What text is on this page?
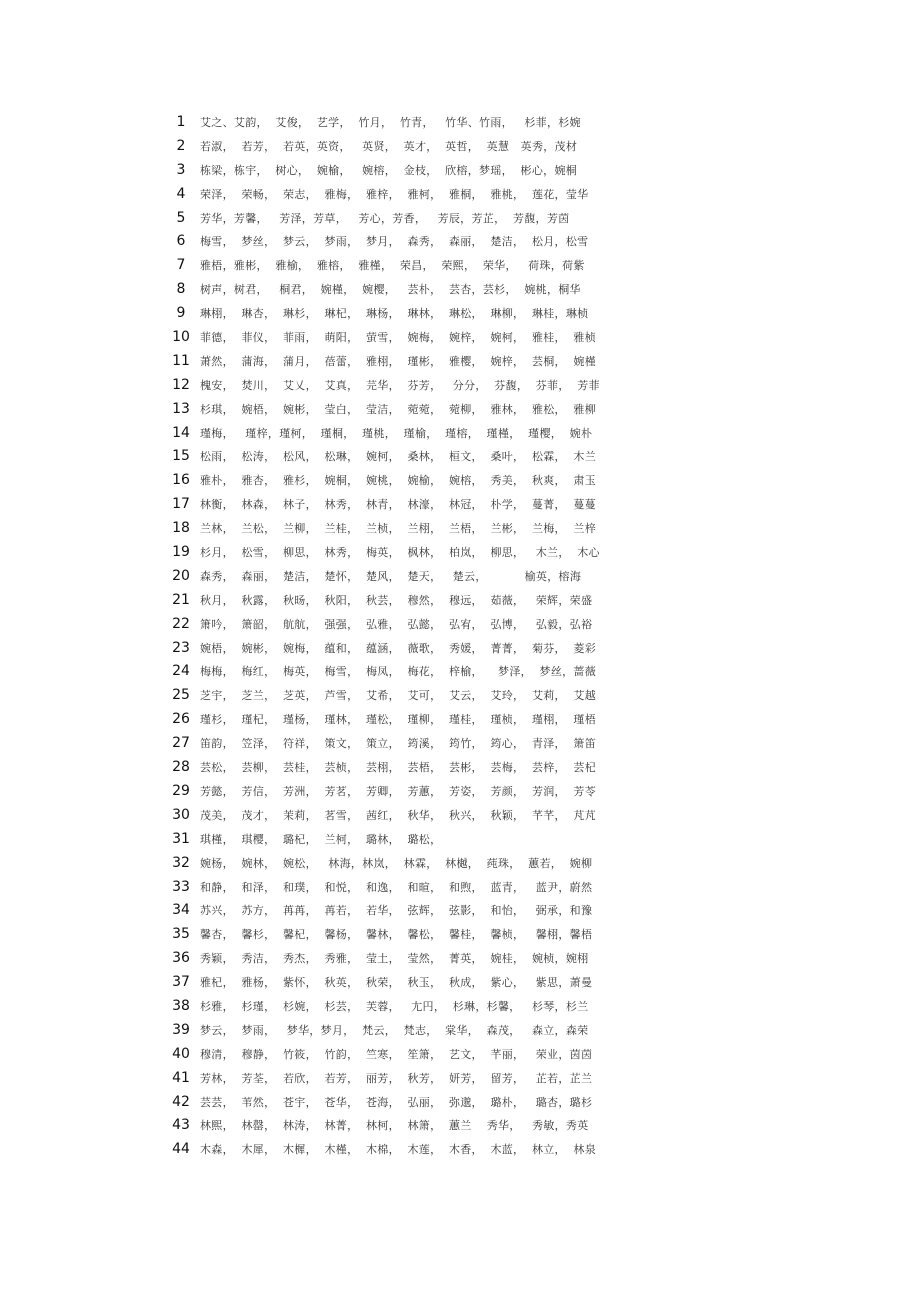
1	艾之、艾韵，  艾俊，  艺学，  竹月，  竹青，   竹华、竹雨，   杉菲，杉婉
2	若淑，  若芳，  若英，英资，   英贤，  英才，  英哲，  英慧   英秀，茂材
3	栋梁，栋宇，  树心，  婉榆，   婉榕，  金枝，  欣榕，梦瑶，  彬心，婉桐
4	荣泽，  荣畅，  荣志，  雅梅，  雅梓，  雅柯，  雅桐，  雅桃，  莲花，莹华
5	芳华，芳馨，   芳泽，芳草，   芳心，芳香，   芳辰，芳芷，  芳馥，芳茵
6	梅雪，  梦丝，  梦云，  梦雨，  梦月，  森秀，  森丽，  楚洁，  松月，松雪
7	雅梧，雅彬，  雅榆，  雅榕，  雅槿，  荣昌，  荣熙，  荣华，   荷珠，荷紫
8	树声，树君，   桐君，  婉槿，  婉樱，   芸朴，  芸杏，芸杉，  婉桃，桐华
9	琳栩，  琳杏，  琳杉，  琳杞，  琳杨，  琳林，  琳松，  琳柳，  琳桂，琳桢
10 菲德，  菲仪，  菲雨，  萌阳，  萤雪，  婉梅，  婉梓，  婉柯，  雅桂，  雅桢
11 萧然，  蒲海，  蒲月，  蓓蕾，  雅栩，  瑾彬，  雅樱，  婉梓，  芸桐，  婉槿
12 槐安，  焚川，  艾乂，  艾真，  芫华，  芬芳，   分分，  芬馥，  芬菲，  芳菲
13 杉琪，  婉梧，  婉彬，  莹白，  莹洁，  菀菀，  菀柳，  雅林，  雅松，  雅柳
14 瑾梅，   瑾梓，瑾柯，  瑾桐，  瑾桃，  瑾榆，  瑾榕，  瑾槿，  瑾樱，  婉朴
15 松雨，  松涛，  松风，  松琳，  婉柯，  桑林，  桓文，  桑叶，  松霖，  木兰
16 雅朴，  雅杏，  雅杉，  婉桐，  婉桃，  婉榆，  婉榕，  秀美，  秋爽，  肃玉
17 林衡，  林森，  林子，  林秀，  林青，  林濠，  林冠，  朴学，  蔓菁，  蔓蔓
18 兰林，  兰松，  兰柳，  兰桂，  兰桢，  兰栩，  兰梧，  兰彬，  兰梅，  兰梓
19 杉月，  松雪，  柳思，  林秀，  梅英，  枫林，  柏岚，  柳思，   木兰，  木心
20 森秀，  森丽，  楚洁，  楚怀，  楚风，  楚天，   楚云，          榆英，榕海
21 秋月，  秋露，  秋旸，  秋阳，  秋芸，  穆然，  穆远，  茹薇，   荣辉，荣盛
22 箫吟，  箫韶，  航航，  强强，  弘雅，  弘懿，  弘宥，  弘博，   弘毅，弘裕
23 婉梧，  婉彬，  婉梅，  蕴和，  蕴涵，  薇歌，  秀媛，  菁菁，  菊芬，  菱彩
24 梅梅，  梅红，  梅英，  梅雪，  梅凤，  梅花，  梓榆，    梦泽，  梦丝，蔷薇
25 芝宇，  芝兰，  芝英，  芦雪，  艾希，  艾可，  艾云，  艾玲，  艾莉，  艾越
26 瑾杉，  瑾杞，  瑾杨，  瑾林，  瑾松，  瑾柳，  瑾桂，  瑾桢，  瑾栩，  瑾梧
27 笛韵，  笠泽，  符祥，  策文，  策立，  筠溪，  筠竹，  筠心，  青泽，  箫笛
28 芸松，  芸柳，  芸桂，  芸桢，  芸栩，  芸梧，  芸彬，  芸梅，  芸梓，  芸杞
29 芳懿，  芳信，  芳洲，  芳茗，  芳卿，  芳蕙，  芳姿，  芳颜，  芳润，  芳苓
30 茂美，  茂才，  茉莉，  茗雪，  茜红，  秋华，  秋兴，  秋颖，  芊芊，  芃芃
31 琪槿，  琪樱，  璐杞，  兰柯，  璐林，  璐松，
32 婉杨，  婉林，  婉松，   林海，林岚，  林霖，  林樾，  莼珠，  蕙若，  婉柳
33 和静，  和泽，  和璞，  和悦，  和逸，  和暄，  和煦，  蓝青，   蓝尹，蔚然
34 苏兴，  苏方，  苒苒，  苒若，  若华，  弦辉，  弦影，  和怡，   弼承，和豫
35 馨杏，  馨杉，  馨杞，  馨杨，  馨林，  馨松，  馨桂，  馨桢，   馨栩，馨梧
36 秀颖，  秀洁，  秀杰，  秀雅，  莹土，  莹然，  菁英，  婉桂，  婉桢，婉栩
37 雅杞，  雅杨，  紫怀，  秋英，  秋荣，  秋玉，  秋成，  紫心，   紫思，萧曼
38 杉雅，  杉瑾，  杉婉，  杉芸，  芙蓉，   尢円，  杉琳，杉馨，   杉琴，杉兰
39 梦云，  梦雨，   梦华，梦月，  梵云，  梵志，  棠华，  森茂，   森立，森荣
40 穆清，  穆静，  竹筱，  竹韵，  竺寒，  笙箫，  艺文，  芊丽，   荣业，茵茵
41 芳林，  芳荃，  若欣，  若芳，  丽芳，  秋芳，  妍芳，  留芳，   芷若，芷兰
42 芸芸，  苇然，  苍宇，  苍华，  苍海，  弘丽，  弥邈，  璐朴，   璐杏，璐杉
43 林熙，  林罄，  林涛，  林菁，  林柯，  林箫，  蕙兰    秀华，   秀敏，秀英
44 木森，  木犀，  木樨，  木槿，  木棉，  木莲，  木香，  木蓝，  林立，  林泉
